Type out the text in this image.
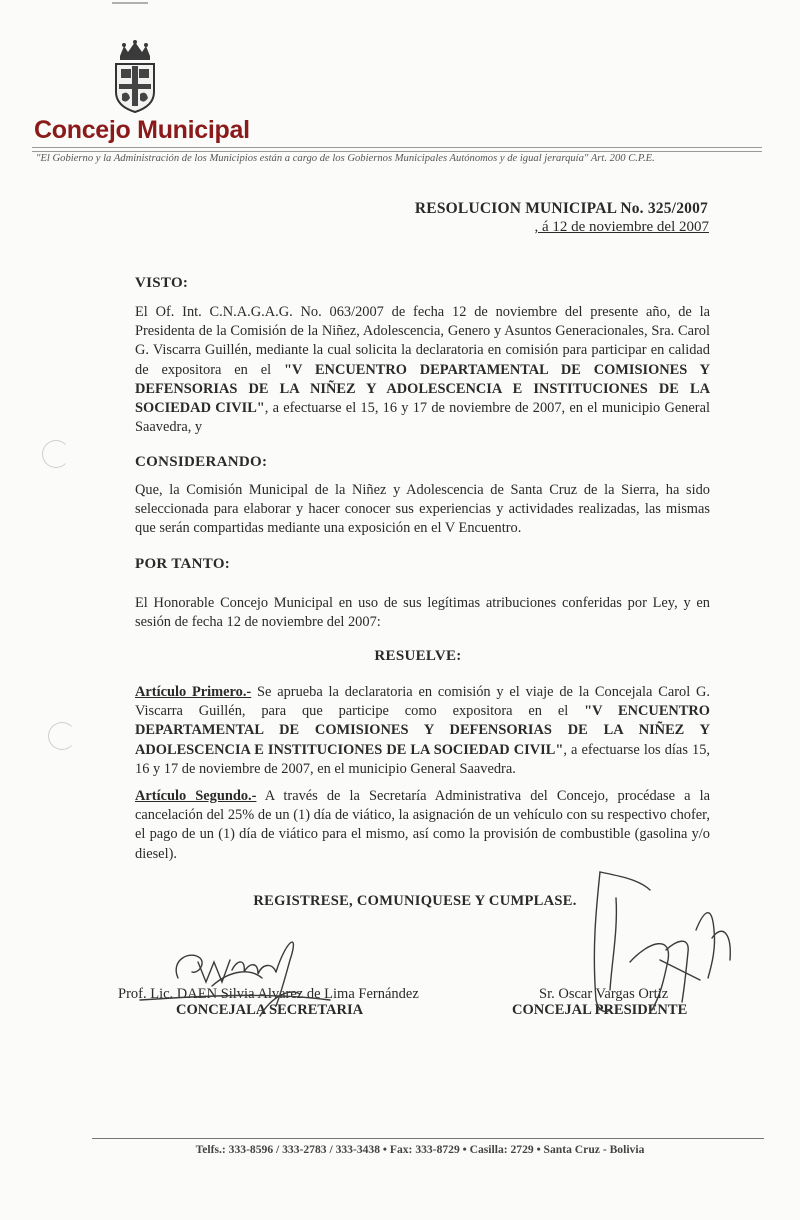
Concejo Municipal
"El Gobierno y la Administración de los Municipios están a cargo de los Gobiernos Municipales Autónomos y de igual jerarquía" Art. 200 C.P.E.
RESOLUCION MUNICIPAL No. 325/2007
, á 12 de noviembre del 2007
VISTO:
El Of. Int. C.N.A.G.A.G. No. 063/2007 de fecha 12 de noviembre del presente año, de la Presidenta de la Comisión de la Niñez, Adolescencia, Genero y Asuntos Generacionales, Sra. Carol G. Viscarra Guillén, mediante la cual solicita la declaratoria en comisión para participar en calidad de expositora en el "V ENCUENTRO DEPARTAMENTAL DE COMISIONES Y DEFENSORIAS DE LA NIÑEZ Y ADOLESCENCIA E INSTITUCIONES DE LA SOCIEDAD CIVIL", a efectuarse el 15, 16 y 17 de noviembre de 2007, en el municipio General Saavedra, y
CONSIDERANDO:
Que, la Comisión Municipal de la Niñez y Adolescencia de Santa Cruz de la Sierra, ha sido seleccionada para elaborar y hacer conocer sus experiencias y actividades realizadas, las mismas que serán compartidas mediante una exposición en el V Encuentro.
POR TANTO:
El Honorable Concejo Municipal en uso de sus legítimas atribuciones conferidas por Ley, y en sesión de fecha 12 de noviembre del 2007:
RESUELVE:
Artículo Primero.- Se aprueba la declaratoria en comisión y el viaje de la Concejala Carol G. Viscarra Guillén, para que participe como expositora en el "V ENCUENTRO DEPARTAMENTAL DE COMISIONES Y DEFENSORIAS DE LA NIÑEZ Y ADOLESCENCIA E INSTITUCIONES DE LA SOCIEDAD CIVIL", a efectuarse los días 15, 16 y 17 de noviembre de 2007, en el municipio General Saavedra.
Artículo Segundo.- A través de la Secretaría Administrativa del Concejo, procédase a la cancelación del 25% de un (1) día de viático, la asignación de un vehículo con su respectivo chofer, el pago de un (1) día de viático para el mismo, así como la provisión de combustible (gasolina y/o diesel).
REGISTRESE, COMUNIQUESE Y CUMPLASE.
Prof. Lic. DAEN Silvia Alvarez de Lima Fernández
CONCEJALA SECRETARIA
Sr. Oscar Vargas Ortiz
CONCEJAL PRESIDENTE
Telfs.: 333-8596 / 333-2783 / 333-3438 • Fax: 333-8729 • Casilla: 2729 • Santa Cruz - Bolivia
